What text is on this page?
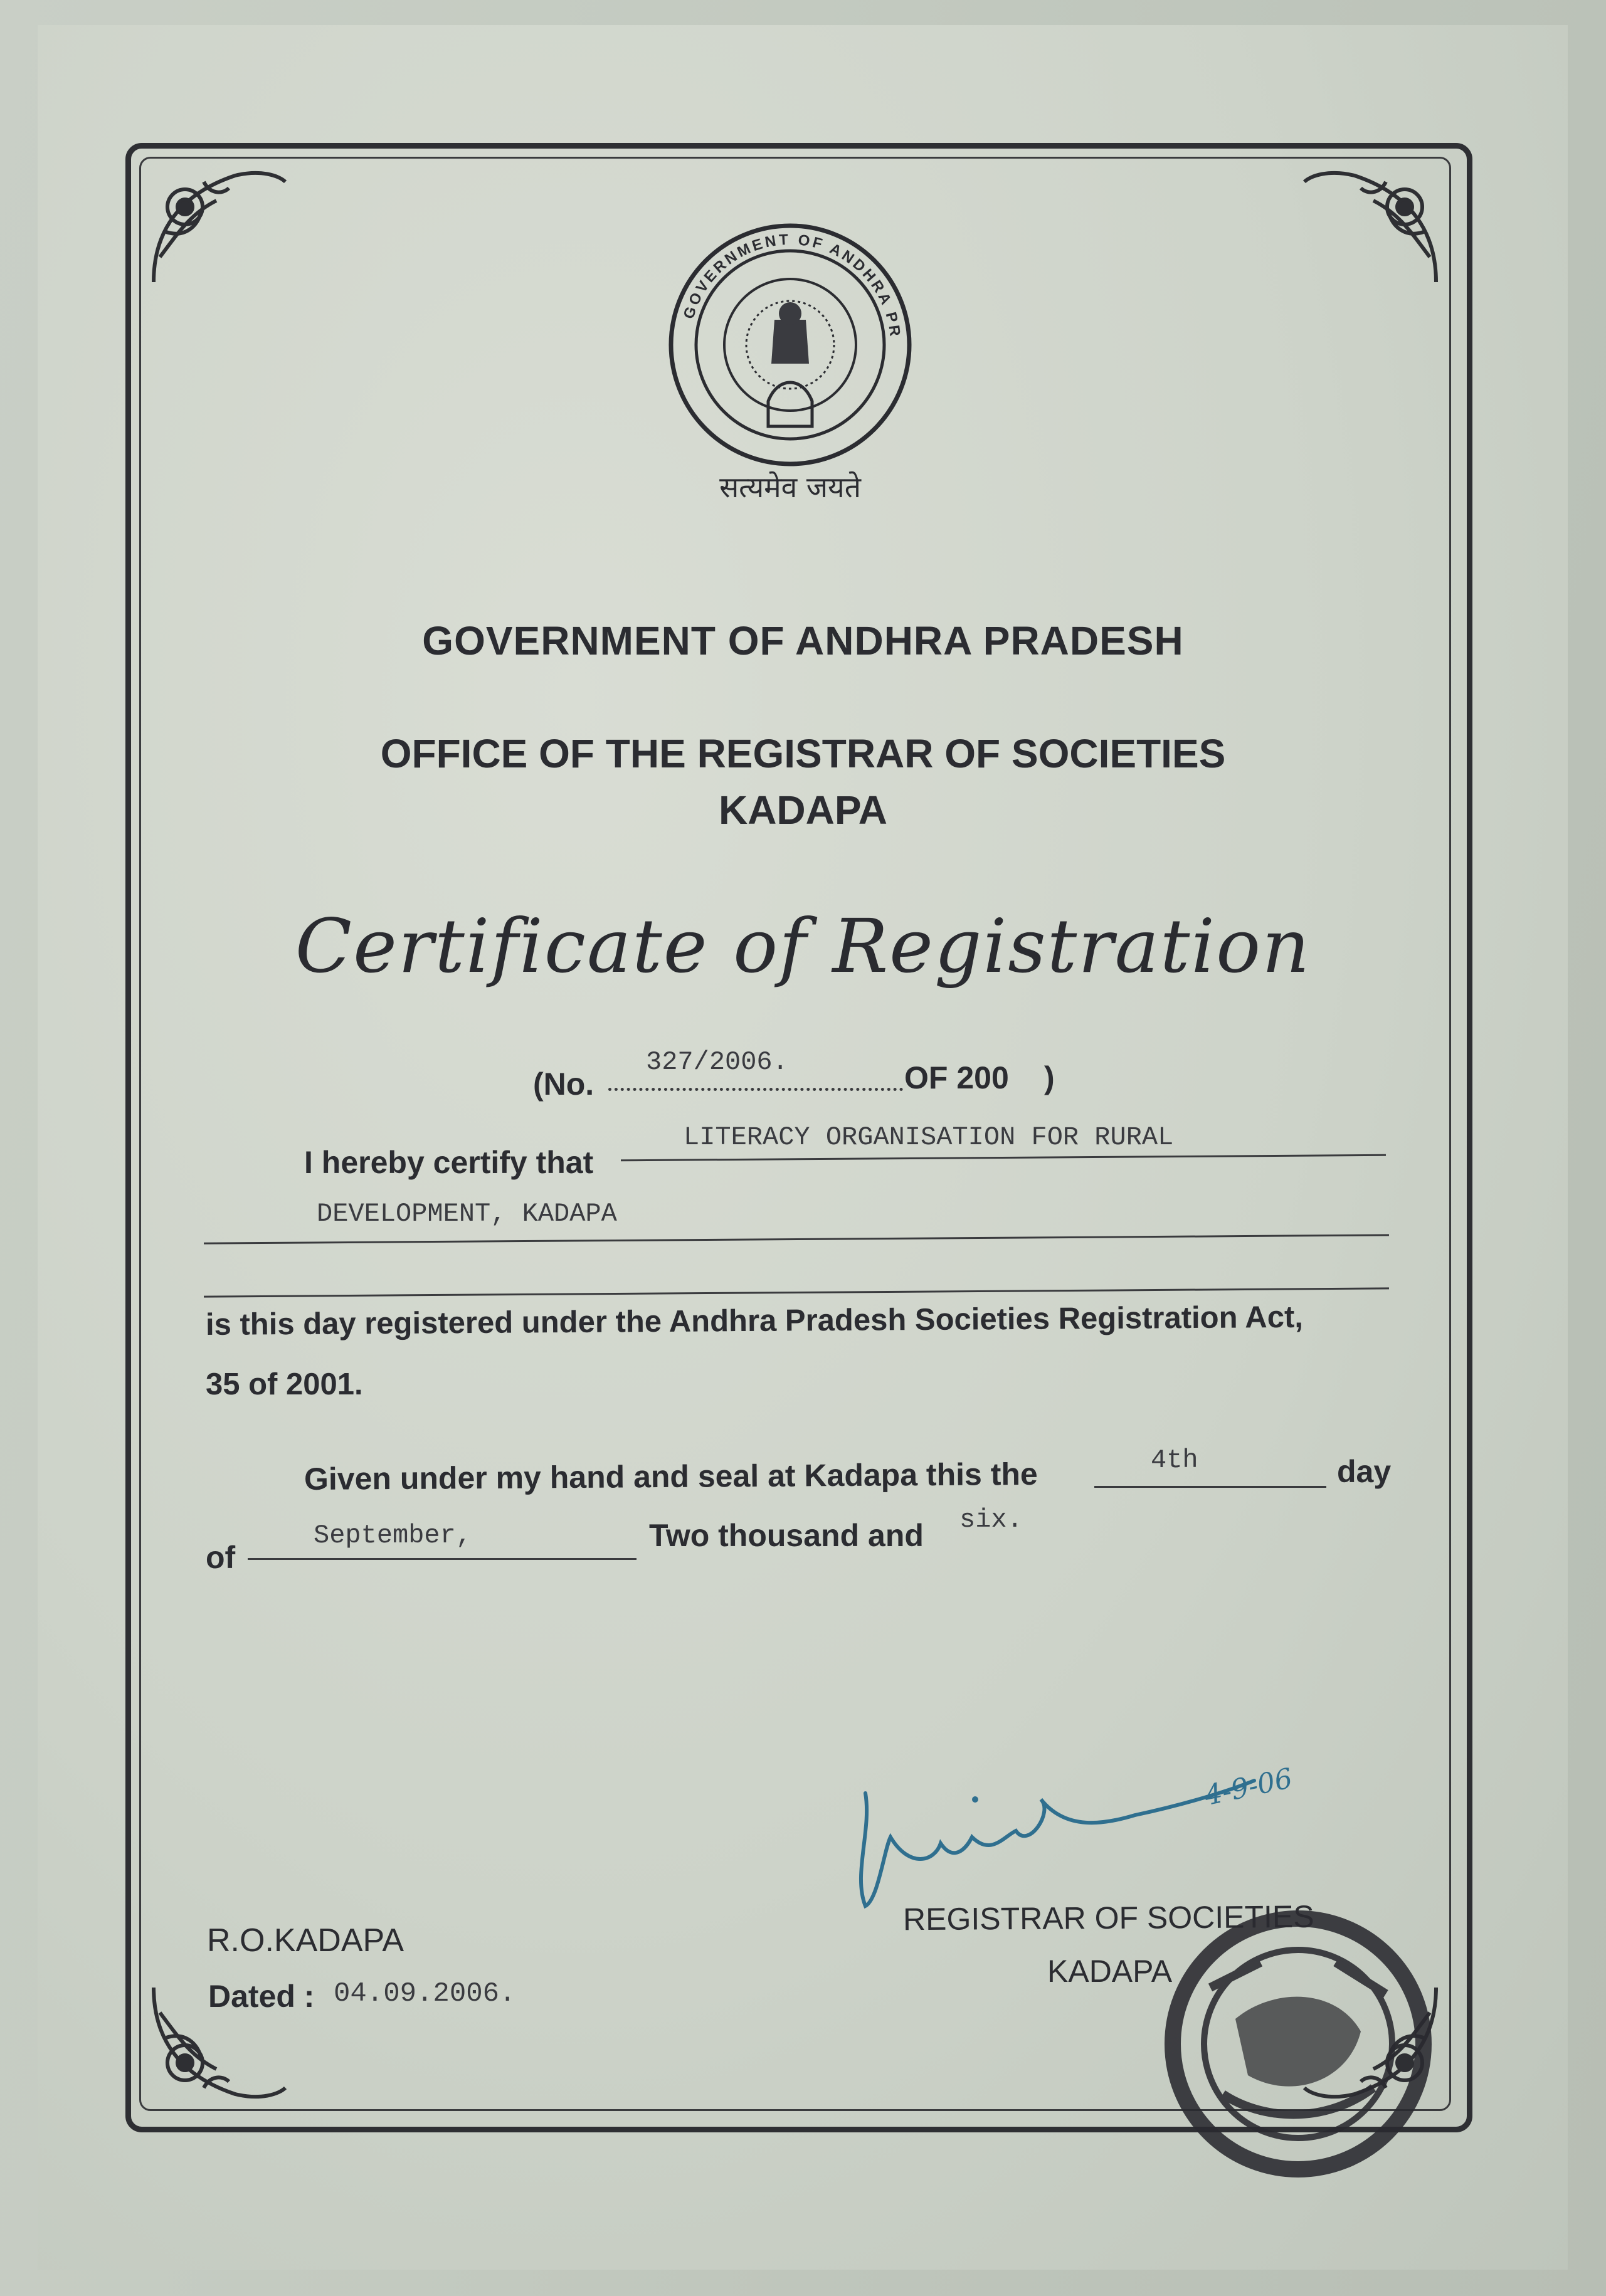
GOVERNMENT OF ANDHRA PR
सत्यमेव जयते
GOVERNMENT OF ANDHRA PRADESH
OFFICE OF THE REGISTRAR OF SOCIETIES
KADAPA
Certificate of Registration
(No.
327/2006.	OF 200 )
I hereby certify that
LITERACY ORGANISATION FOR RURAL
DEVELOPMENT, KADAPA
is this day registered under the Andhra Pradesh Societies Registration Act,
35 of 2001.
Given under my hand and seal at Kadapa this the	4th	day
of
September,	Two thousand and six.
4-9-06
REGISTRAR OF SOCIETIES
KADAPA
R.O.KADAPA
Dated : 04.09.2006.
